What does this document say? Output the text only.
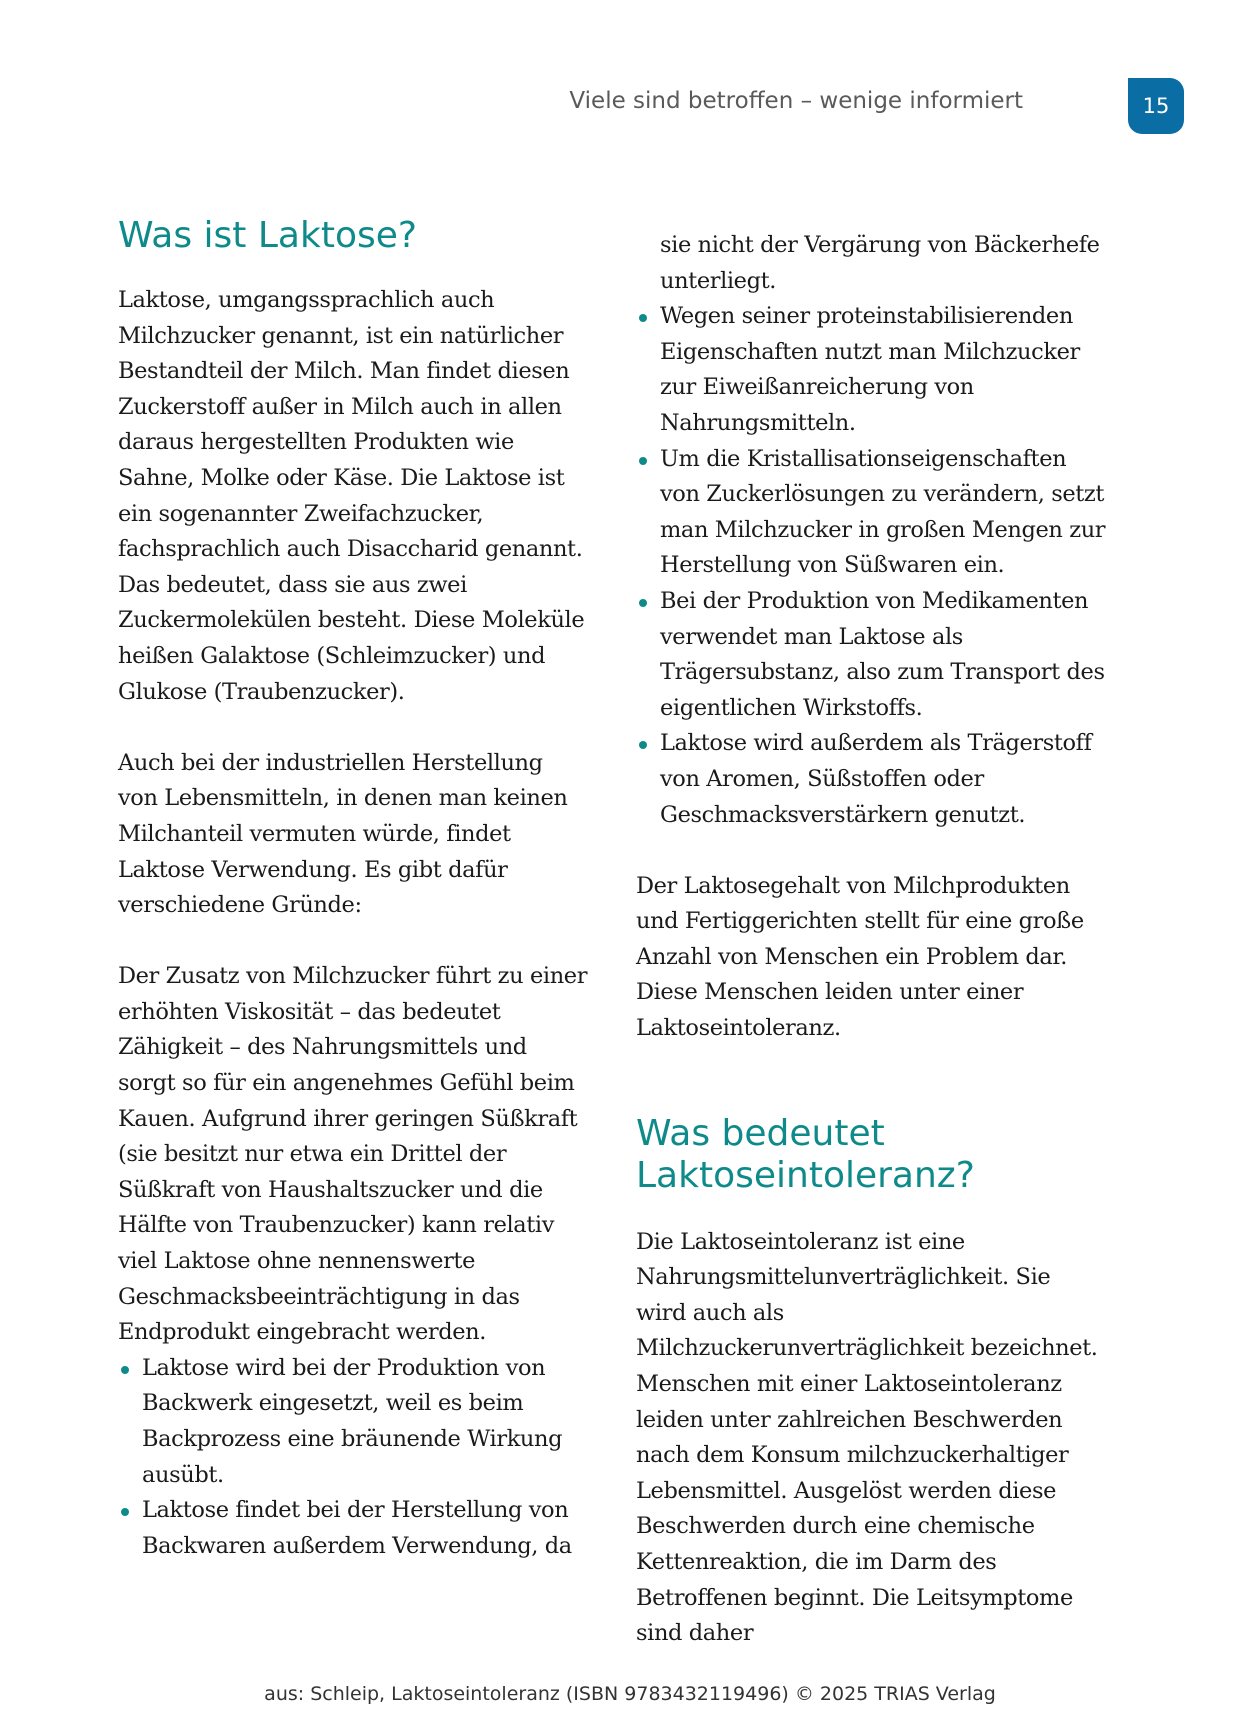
Viele sind betroffen – wenige informiert	15
Was ist Laktose?

Laktose, umgangssprachlich auch Milchzucker genannt, ist ein natürlicher Bestandteil der Milch. Man findet diesen Zuckerstoff außer in Milch auch in allen daraus hergestellten Produkten wie Sahne, Molke oder Käse. Die Laktose ist ein sogenannter Zweifachzucker, fachsprachlich auch Disaccharid genannt. Das bedeutet, dass sie aus zwei Zuckermolekülen besteht. Diese Moleküle heißen Galaktose (Schleimzucker) und Glukose (Traubenzucker).

Auch bei der industriellen Herstellung von Lebensmitteln, in denen man keinen Milchanteil vermuten würde, findet Laktose Verwendung. Es gibt dafür verschiedene Gründe:

Der Zusatz von Milchzucker führt zu einer erhöhten Viskosität – das bedeutet Zähigkeit – des Nahrungsmittels und sorgt so für ein angenehmes Gefühl beim Kauen. Aufgrund ihrer geringen Süßkraft (sie besitzt nur etwa ein Drittel der Süßkraft von Haushaltszucker und die Hälfte von Traubenzucker) kann relativ viel Laktose ohne nennenswerte Geschmacksbeeinträchtigung in das Endprodukt eingebracht werden.

Laktose wird bei der Produktion von Backwerk eingesetzt, weil es beim Backprozess eine bräunende Wirkung ausübt.
Laktose findet bei der Herstellung von Backwaren außerdem Verwendung, da

sie nicht der Vergärung von Bäckerhefe unterliegt.

Wegen seiner proteinstabilisierenden Eigenschaften nutzt man Milchzucker zur Eiweißanreicherung von Nahrungsmitteln.
Um die Kristallisationseigenschaften von Zuckerlösungen zu verändern, setzt man Milchzucker in großen Mengen zur Herstellung von Süßwaren ein.
Bei der Produktion von Medikamenten verwendet man Laktose als Trägersubstanz, also zum Transport des eigentlichen Wirkstoffs.
Laktose wird außerdem als Trägerstoff von Aromen, Süßstoffen oder Geschmacksverstärkern genutzt.

Der Laktosegehalt von Milchprodukten und Fertiggerichten stellt für eine große Anzahl von Menschen ein Problem dar. Diese Menschen leiden unter einer Laktoseintoleranz.

Was bedeutet Laktoseintoleranz?

Die Laktoseintoleranz ist eine Nahrungsmittelunverträglichkeit. Sie wird auch als Milchzuckerunverträglichkeit bezeichnet. Menschen mit einer Laktoseintoleranz leiden unter zahlreichen Beschwerden nach dem Konsum milchzuckerhaltiger Lebensmittel. Ausgelöst werden diese Beschwerden durch eine chemische Kettenreaktion, die im Darm des Betroffenen beginnt. Die Leitsymptome sind daher

aus: Schleip, Laktoseintoleranz (ISBN 9783432119496) © 2025 TRIAS Verlag
